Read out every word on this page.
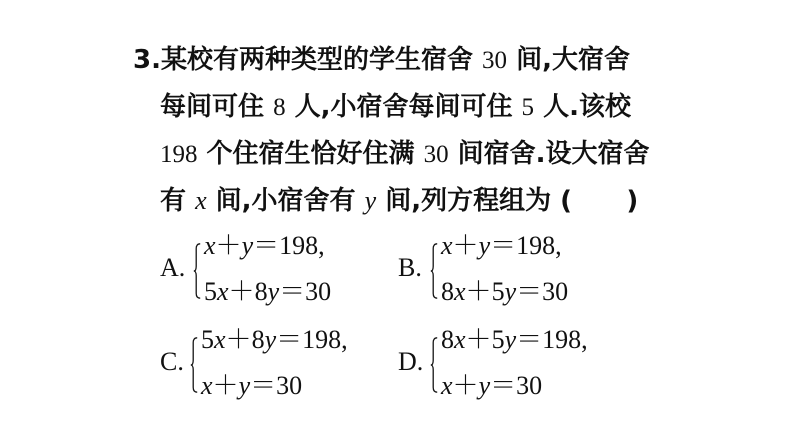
3.某校有两种类型的学生宿舍 30 间,大宿舍
每间可住 8 人,小宿舍每间可住 5 人.该校
198 个住宿生恰好住满 30 间宿舍.设大宿舍
有 x 间,小宿舍有 y 间,列方程组为 (      )
A.
x＋y＝198,
5x＋8y＝30
B.
x＋y＝198,
8x＋5y＝30
C.
5x＋8y＝198,
x＋y＝30
D.
8x＋5y＝198,
x＋y＝30
